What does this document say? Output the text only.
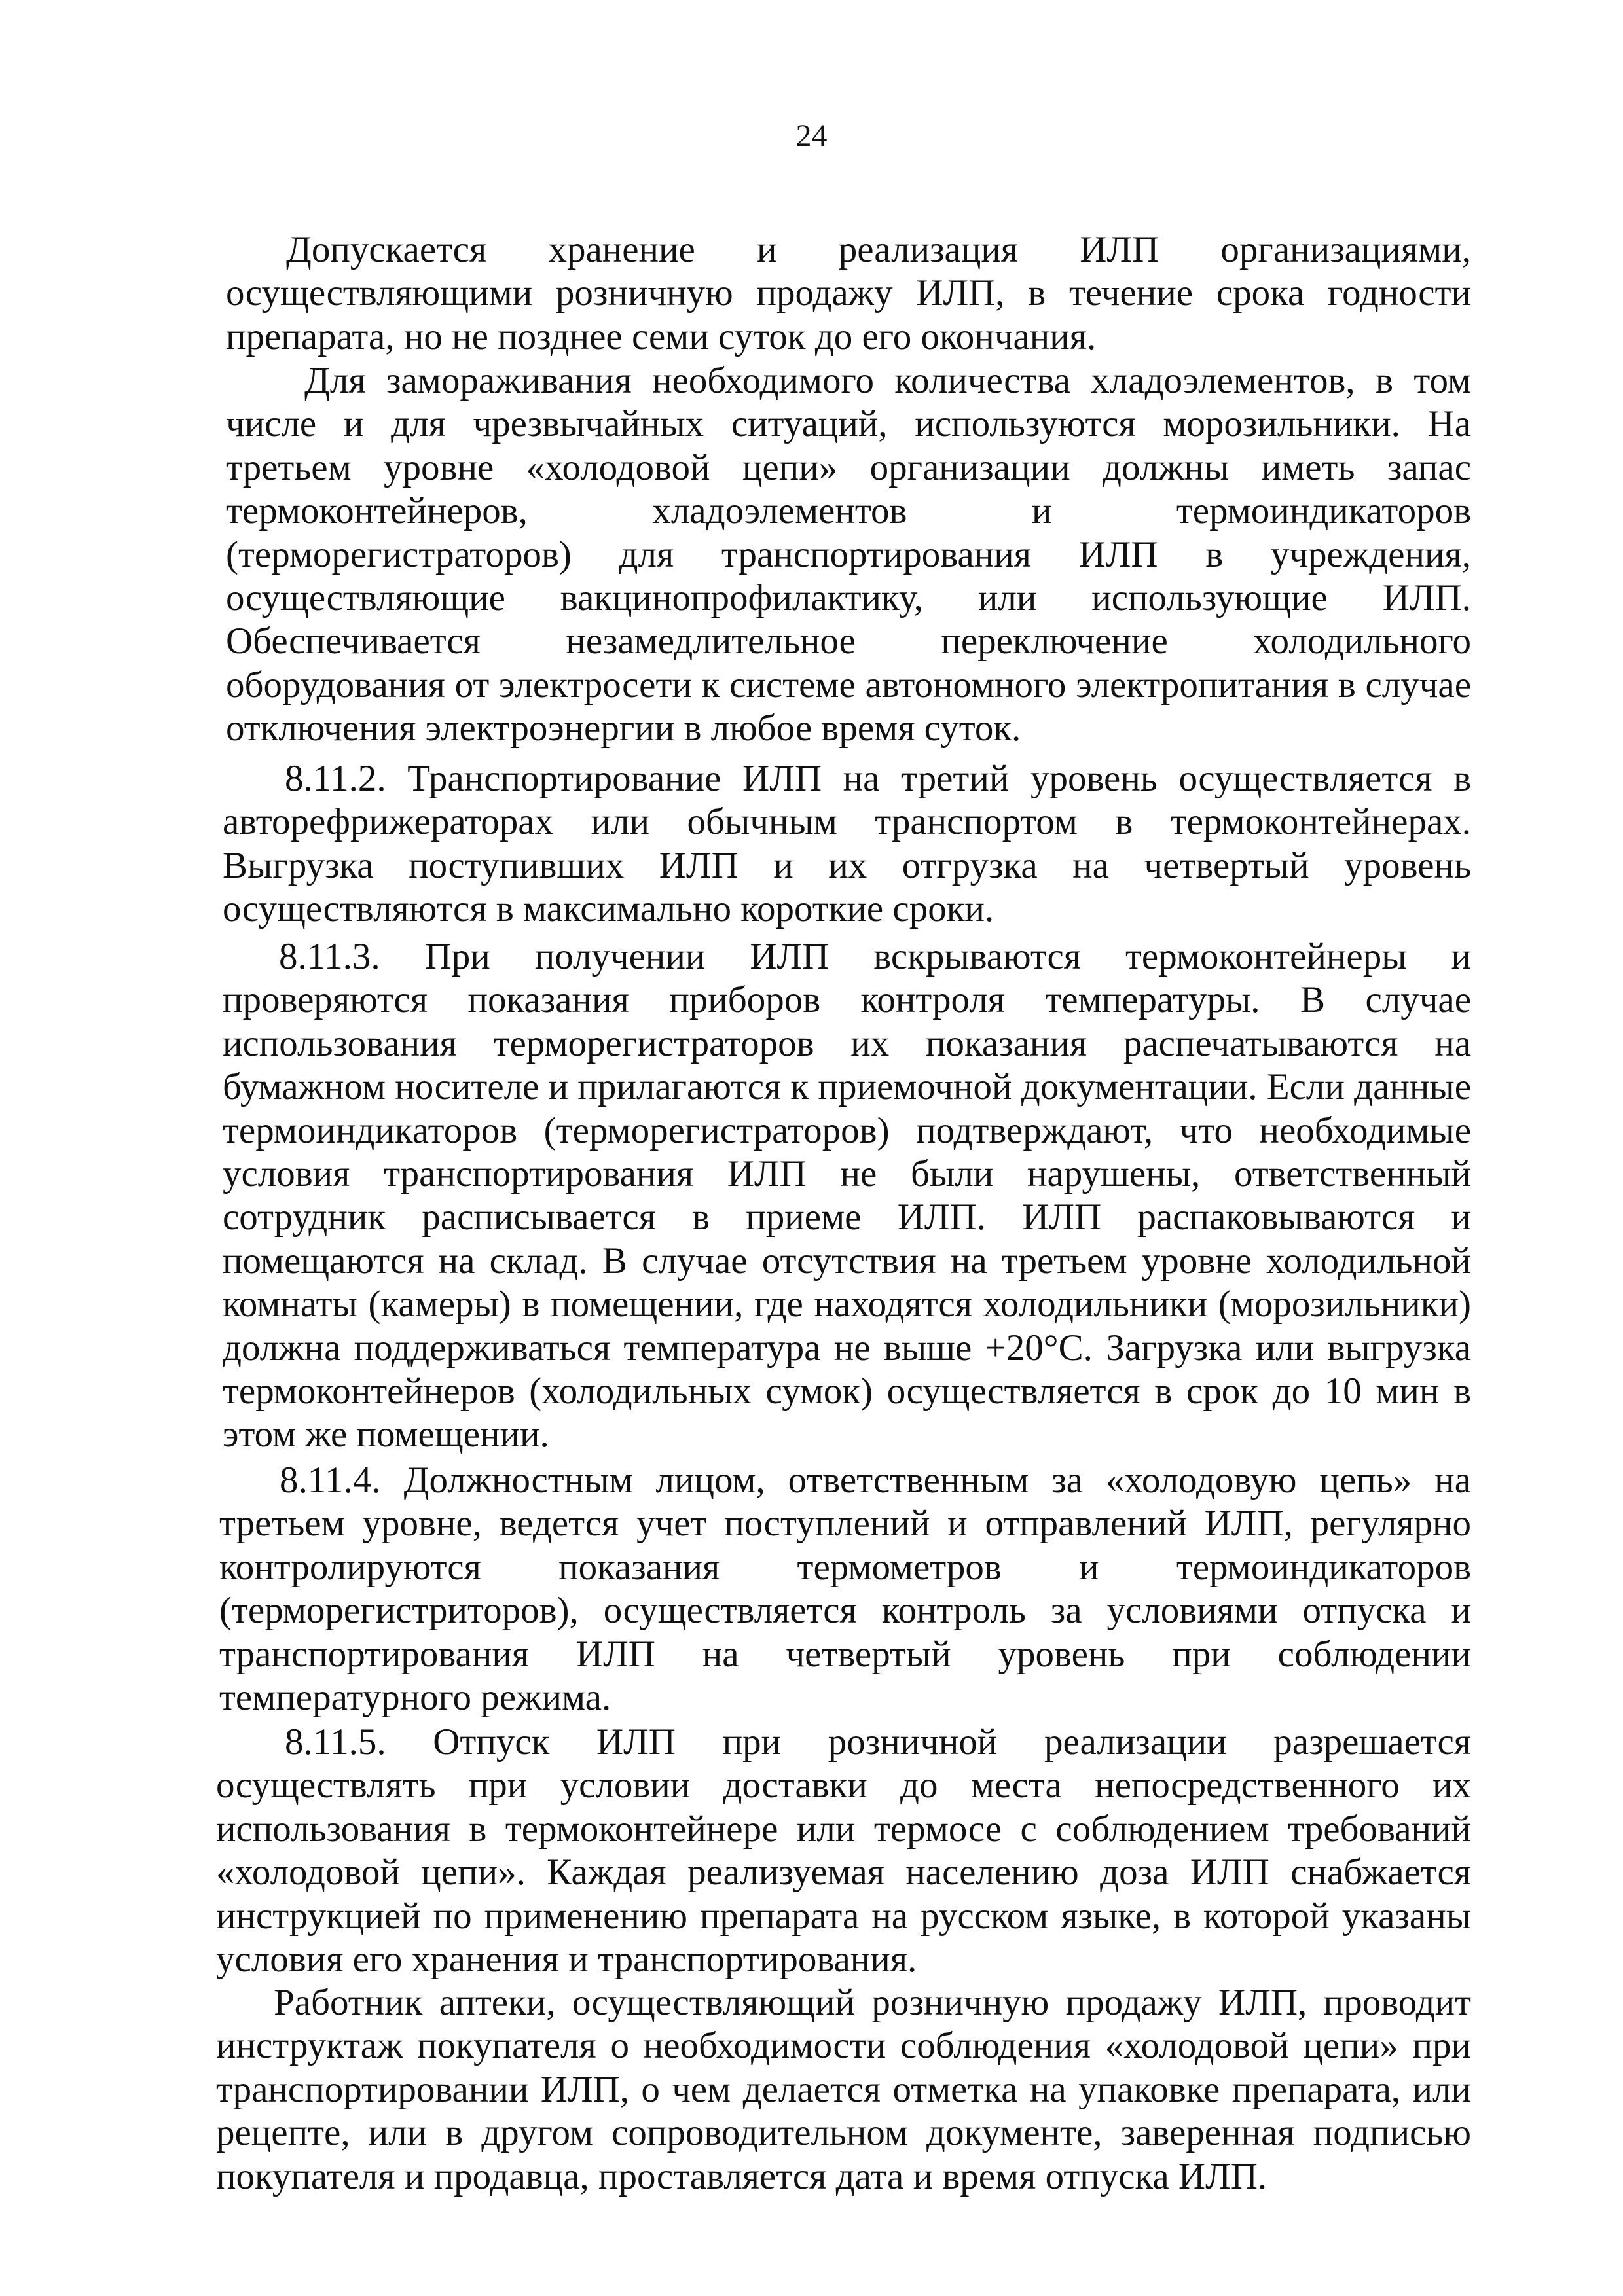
24

Допускается хранение и реализация ИЛП организациями, осуществляющими розничную продажу ИЛП, в течение срока годности препарата, но не позднее семи суток до его окончания.

Для замораживания необходимого количества хладоэлементов, в том числе и для чрезвычайных ситуаций, используются морозильники. На третьем уровне «холодовой цепи» организации должны иметь запас термоконтейнеров, хладоэлементов и термоиндикаторов (терморегистраторов) для транспортирования ИЛП в учреждения, осуществляющие вакцинопрофилактику, или использующие ИЛП. Обеспечивается незамедлительное переключение холодильного оборудования от электросети к системе автономного электропитания в случае отключения электроэнергии в любое время суток.

8.11.2. Транспортирование ИЛП на третий уровень осуществляется в авторефрижераторах или обычным транспортом в термоконтейнерах. Выгрузка поступивших ИЛП и их отгрузка на четвертый уровень осуществляются в максимально короткие сроки.

8.11.3. При получении ИЛП вскрываются термоконтейнеры и проверяются показания приборов контроля температуры. В случае использования терморегистраторов их показания распечатываются на бумажном носителе и прилагаются к приемочной документации. Если данные термоиндикаторов (терморегистраторов) подтверждают, что необходимые условия транспортирования ИЛП не были нарушены, ответственный сотрудник расписывается в приеме ИЛП. ИЛП распаковываются и помещаются на склад. В случае отсутствия на третьем уровне холодильной комнаты (камеры) в помещении, где находятся холодильники (морозильники) должна поддерживаться температура не выше +20°С. Загрузка или выгрузка термоконтейнеров (холодильных сумок) осуществляется в срок до 10 мин в этом же помещении.

8.11.4. Должностным лицом, ответственным за «холодовую цепь» на третьем уровне, ведется учет поступлений и отправлений ИЛП, регулярно контролируются показания термометров и термоиндикаторов (терморегистриторов), осуществляется контроль за условиями отпуска и транспортирования ИЛП на четвертый уровень при соблюдении температурного режима.

8.11.5. Отпуск ИЛП при розничной реализации разрешается осуществлять при условии доставки до места непосредственного их использования в термоконтейнере или термосе с соблюдением требований «холодовой цепи». Каждая реализуемая населению доза ИЛП снабжается инструкцией по применению препарата на русском языке, в которой указаны условия его хранения и транспортирования.

Работник аптеки, осуществляющий розничную продажу ИЛП, проводит инструктаж покупателя о необходимости соблюдения «холодовой цепи» при транспортировании ИЛП, о чем делается отметка на упаковке препарата, или рецепте, или в другом сопроводительном документе, заверенная подписью покупателя и продавца, проставляется дата и время отпуска ИЛП.
